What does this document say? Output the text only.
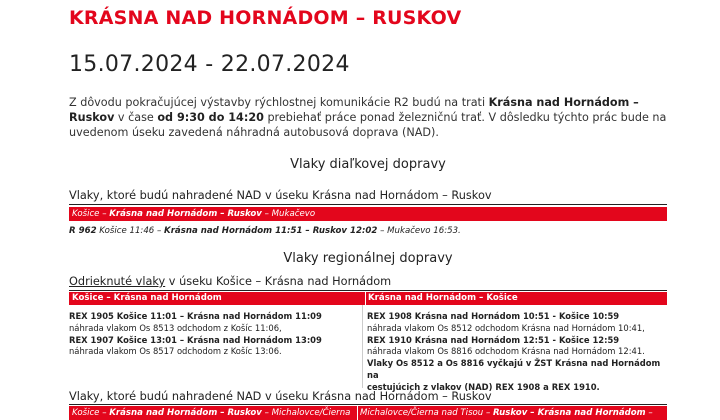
KRÁSNA NAD HORNÁDOM – RUSKOV
15.07.2024 - 22.07.2024
Z dôvodu pokračujúcej výstavby rýchlostnej komunikácie R2 budú na trati Krásna nad Hornádom – Ruskov v čase od 9:30 do 14:20 prebiehať práce ponad železničnú trať. V dôsledku týchto prác bude na uvedenom úseku zavedená náhradná autobusová doprava (NAD).
Vlaky diaľkovej dopravy
Vlaky, ktoré budú nahradené NAD v úseku Krásna nad Hornádom – Ruskov
Košice – Krásna nad Hornádom – Ruskov – Mukačevo
R 962 Košice 11:46 – Krásna nad Hornádom 11:51 – Ruskov 12:02 – Mukačevo 16:53.
Vlaky regionálnej dopravy
Odrieknuté vlaky v úseku Košice – Krásna nad Hornádom
Košice – Krásna nad Hornádom	Krásna nad Hornádom – Košice
REX 1905 Košice 11:01 – Krásna nad Hornádom 11:09
náhrada vlakom Os 8513 odchodom z Košíc 11:06,
REX 1907 Košice 13:01 – Krásna nad Hornádom 13:09
náhrada vlakom Os 8517 odchodom z Košíc 13:06.
REX 1908 Krásna nad Hornádom 10:51 - Košice 10:59
náhrada vlakom Os 8512 odchodom Krásna nad Hornádom 10:41,
REX 1910 Krásna nad Hornádom 12:51 - Košice 12:59
náhrada vlakom Os 8816 odchodom Krásna nad Hornádom 12:41.
Vlaky Os 8512 a Os 8816 vyčkajú v ŽST Krásna nad Hornádom na
cestujúcich z vlakov (NAD) REX 1908 a REX 1910.
Vlaky, ktoré budú nahradené NAD v úseku Krásna nad Hornádom – Ruskov
Košice – Krásna nad Hornádom – Ruskov – Michalovce/Čierna Michalovce/Čierna nad Tisou – Ruskov – Krásna nad Hornádom –
